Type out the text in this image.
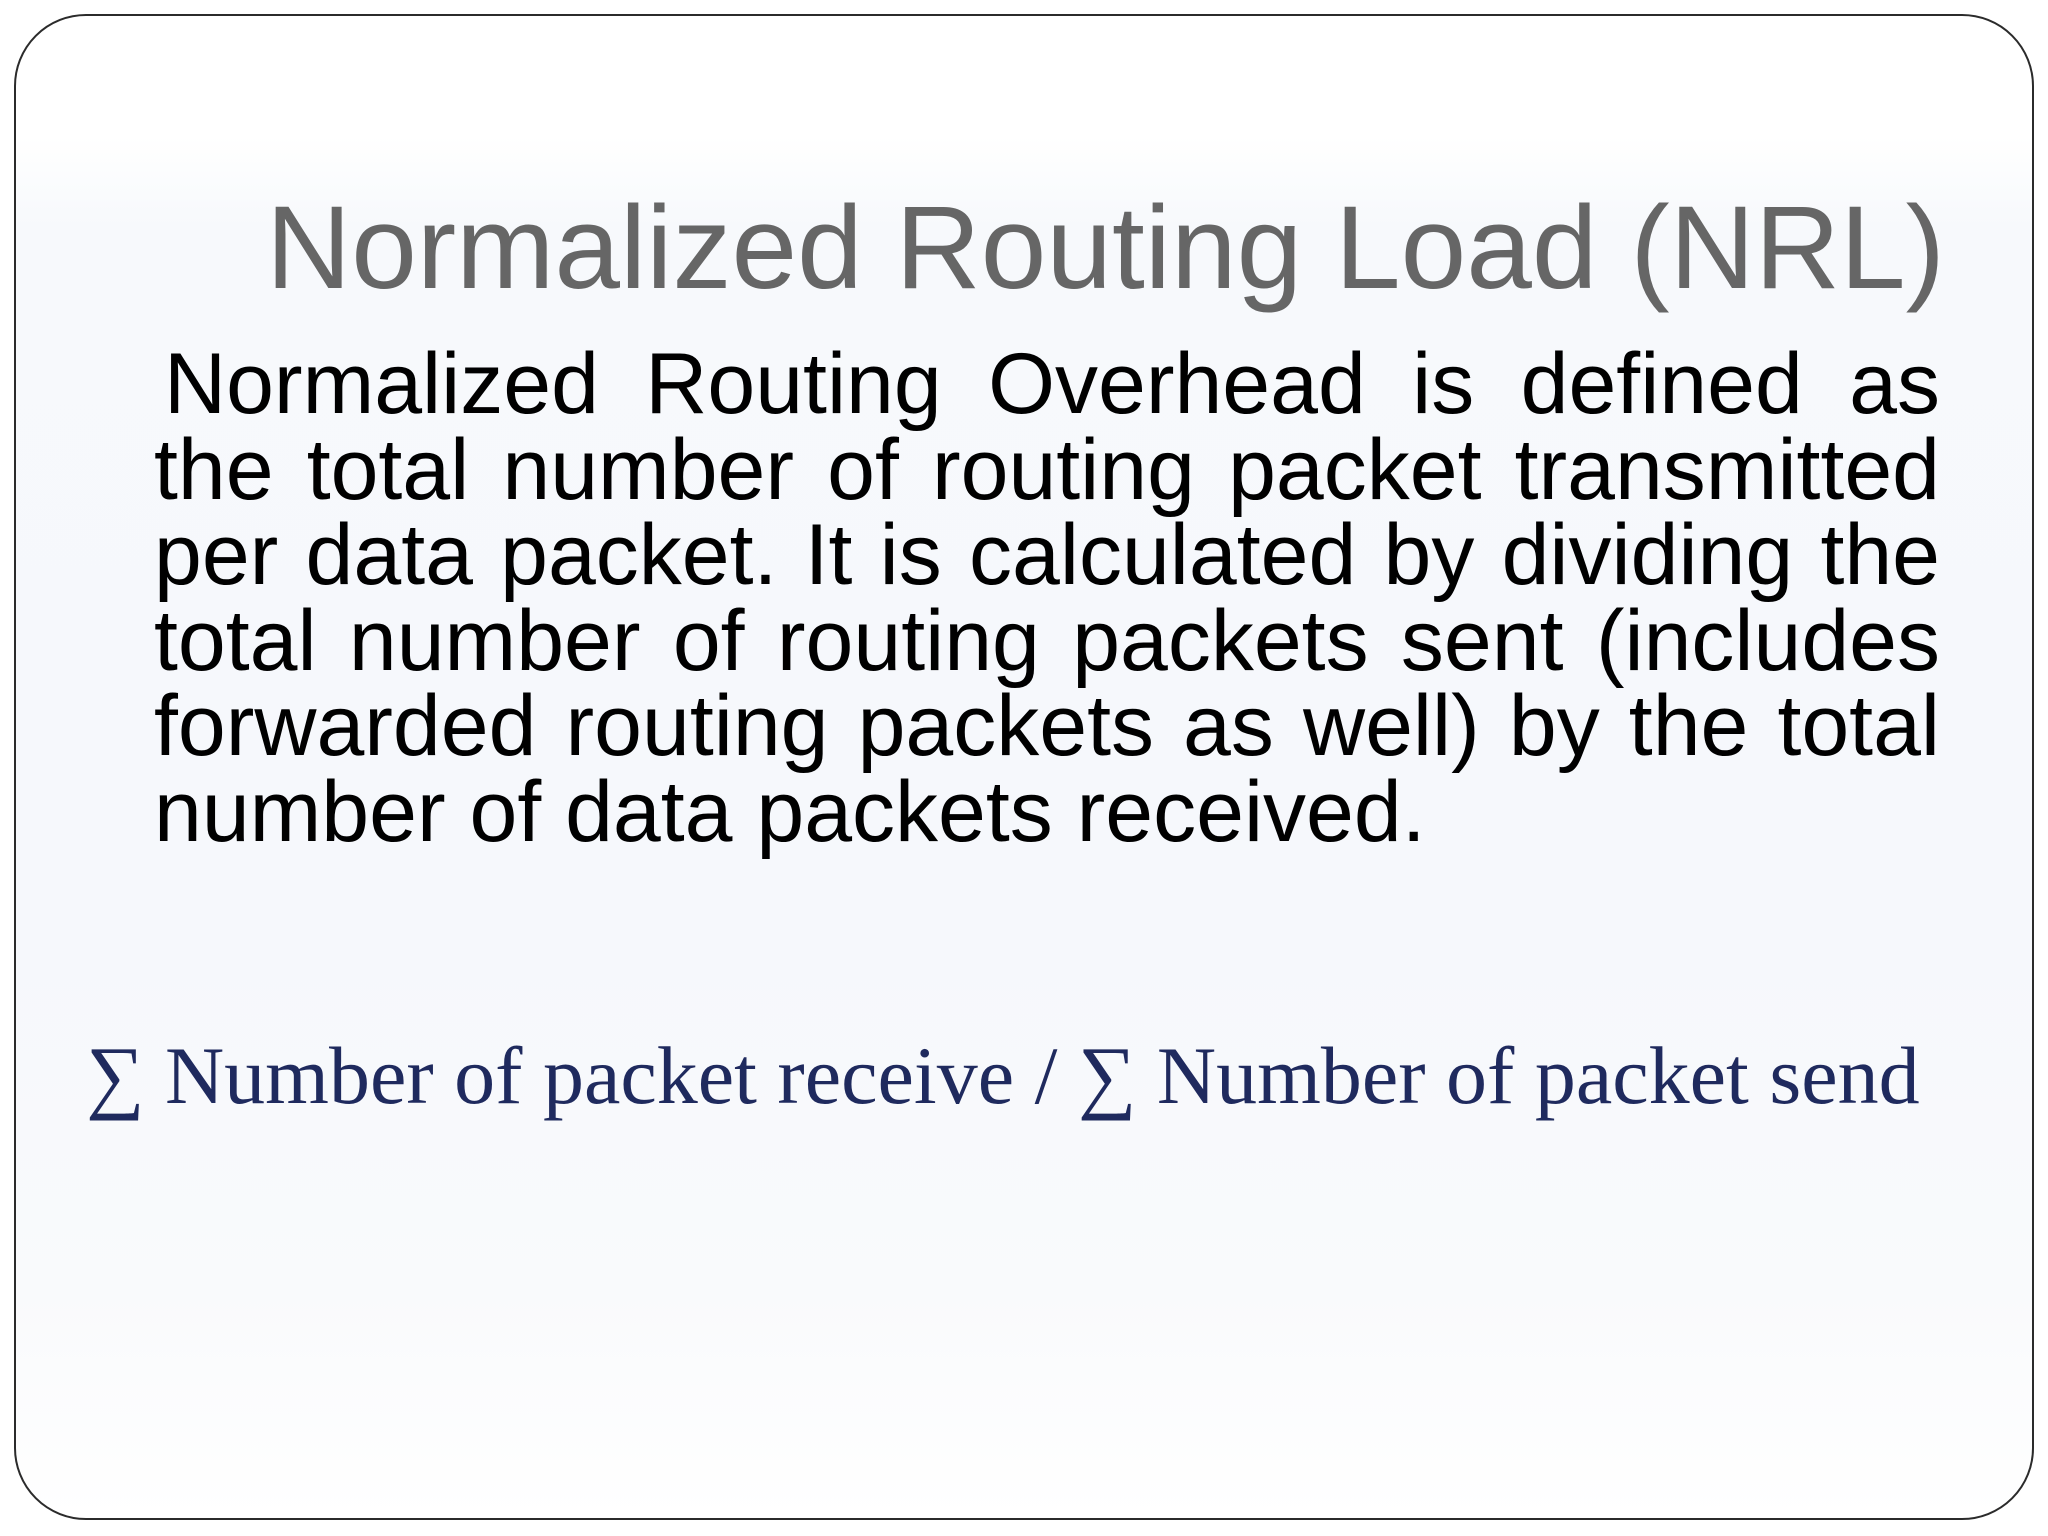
Normalized Routing Load (NRL)

Normalized Routing Overhead is defined as the total number of routing packet transmitted per data packet. It is calculated by dividing the total number of routing packets sent (includes forwarded routing packets as well) by the total number of data packets received.

∑ Number of packet receive / ∑ Number of packet send
